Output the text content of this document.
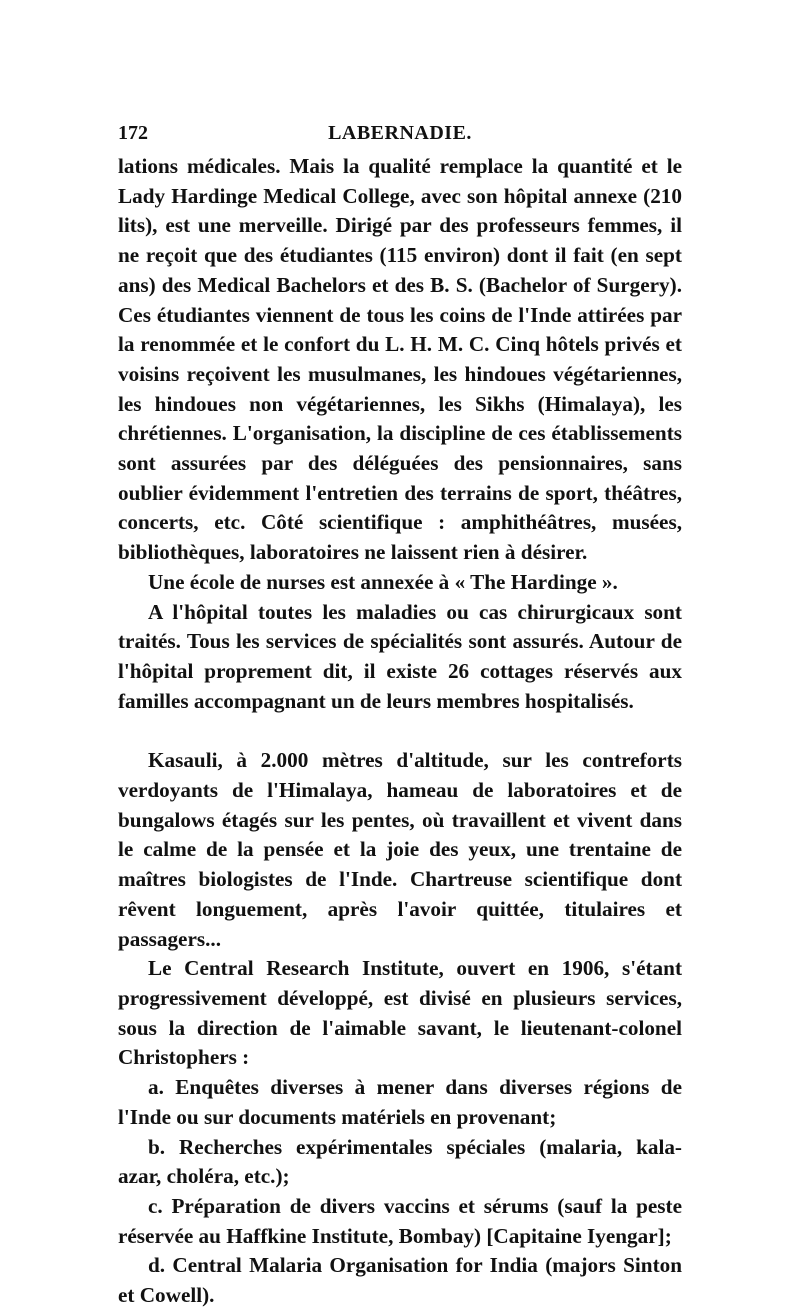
172	LABERNADIE.

lations médicales. Mais la qualité remplace la quantité et le Lady Hardinge Medical College, avec son hôpital annexe (210 lits), est une merveille. Dirigé par des professeurs femmes, il ne reçoit que des étudiantes (115 environ) dont il fait (en sept ans) des Medical Bachelors et des B. S. (Bachelor of Surgery). Ces étudiantes viennent de tous les coins de l'Inde attirées par la renommée et le confort du L. H. M. C. Cinq hôtels privés et voisins reçoivent les musulmanes, les hindoues végétariennes, les hindoues non végétariennes, les Sikhs (Himalaya), les chrétiennes. L'organisation, la discipline de ces établissements sont assurées par des déléguées des pensionnaires, sans oublier évidemment l'entretien des terrains de sport, théâtres, concerts, etc. Côté scientifique : amphithéâtres, musées, bibliothèques, laboratoires ne laissent rien à désirer.

Une école de nurses est annexée à « The Hardinge ».

A l'hôpital toutes les maladies ou cas chirurgicaux sont traités. Tous les services de spécialités sont assurés. Autour de l'hôpital proprement dit, il existe 26 cottages réservés aux familles accompagnant un de leurs membres hospitalisés.

Kasauli, à 2.000 mètres d'altitude, sur les contreforts verdoyants de l'Himalaya, hameau de laboratoires et de bungalows étagés sur les pentes, où travaillent et vivent dans le calme de la pensée et la joie des yeux, une trentaine de maîtres biologistes de l'Inde. Chartreuse scientifique dont rêvent longuement, après l'avoir quittée, titulaires et passagers...

Le Central Research Institute, ouvert en 1906, s'étant progressivement développé, est divisé en plusieurs services, sous la direction de l'aimable savant, le lieutenant-colonel Christophers :

a. Enquêtes diverses à mener dans diverses régions de l'Inde ou sur documents matériels en provenant;

b. Recherches expérimentales spéciales (malaria, kala-azar, choléra, etc.);

c. Préparation de divers vaccins et sérums (sauf la peste réservée au Haffkine Institute, Bombay) [Capitaine Iyengar];

d. Central Malaria Organisation for India (majors Sinton et Cowell).
